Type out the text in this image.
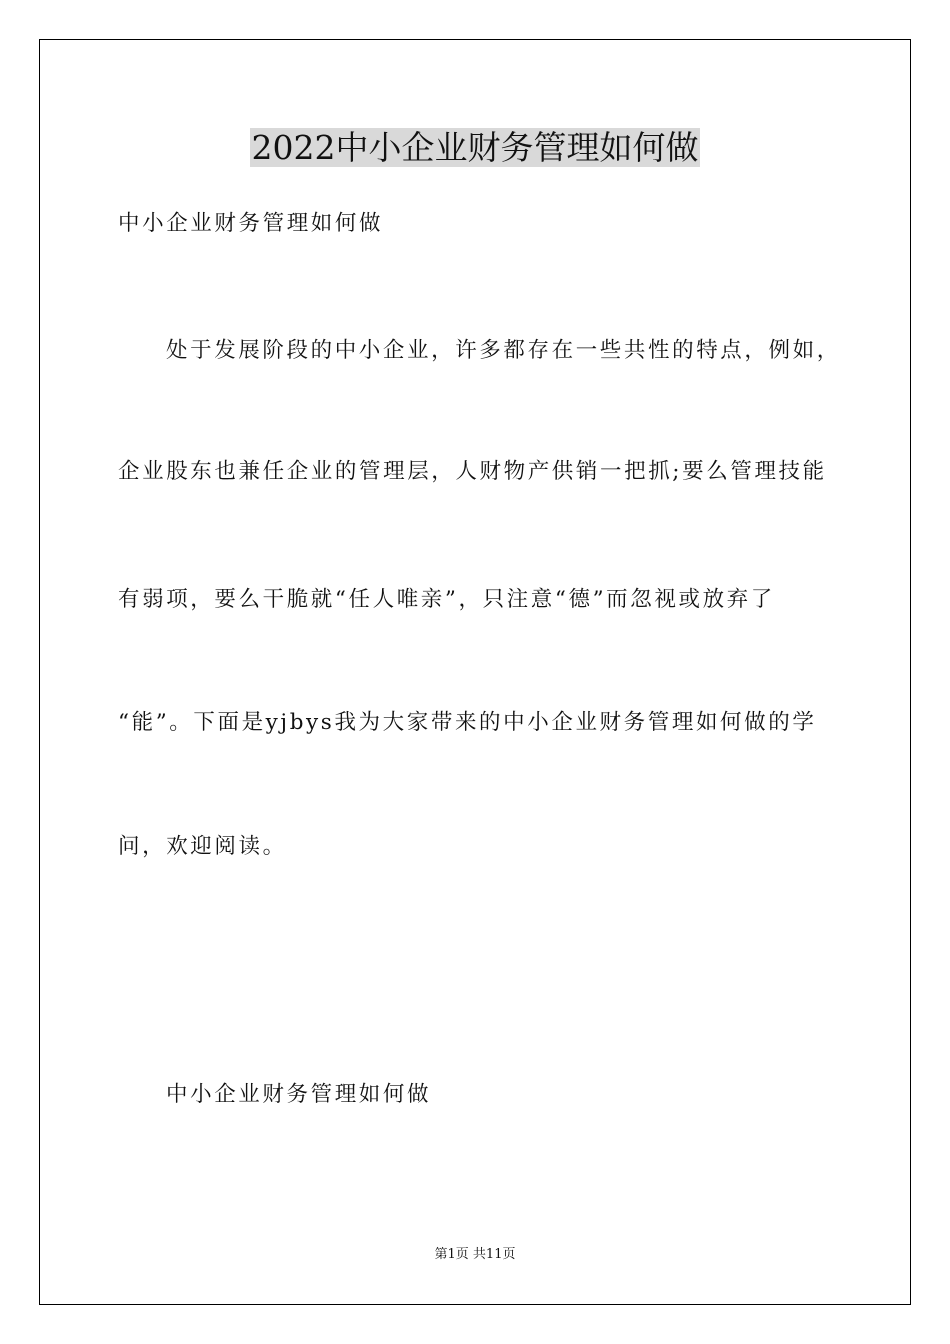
2022中小企业财务管理如何做
中小企业财务管理如何做
处于发展阶段的中小企业，许多都存在一些共性的特点，例如，
企业股东也兼任企业的管理层，人财物产供销一把抓;要么管理技能
有弱项，要么干脆就“任人唯亲”，只注意“德”而忽视或放弃了
“能”。下面是yjbys我为大家带来的中小企业财务管理如何做的学
问，欢迎阅读。
中小企业财务管理如何做
第1页 共11页
